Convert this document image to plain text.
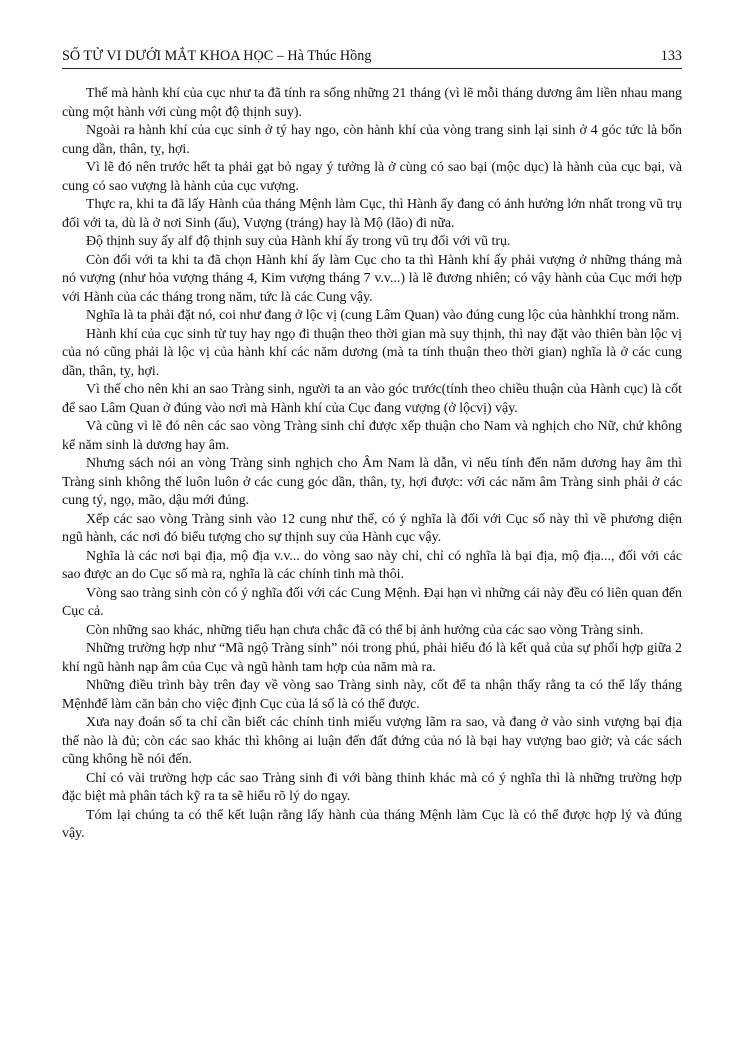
SỐ TỬ VI DƯỚI MẮT KHOA HỌC – Hà Thúc Hồng	133

Thế mà hành khí của cục như ta đã tính ra sống những 21 tháng (vì lẽ mỗi tháng dương âm liền nhau mang cùng một hành với cùng một độ thịnh suy).

Ngoài ra hành khí của cục sinh ở tý hay ngo, còn hành khí của vòng trang sinh lại sinh ở 4 góc tức là bốn cung dần, thân, tỵ, hợi.

Vì lẽ đó nên trước hết ta phải gạt bỏ ngay ý tưởng là ở cùng có sao bại (mộc dục) là hành của cục bại, và cung có sao vượng là hành của cục vượng.

Thực ra, khi ta đã lấy Hành của tháng Mệnh làm Cục, thì Hành ấy đang có ảnh hưởng lớn nhất trong vũ trụ đối với ta, dù là ở nơi Sinh (ấu), Vượng (tráng) hay là Mộ (lão) đi nữa.

Độ thịnh suy ấy alf độ thịnh suy của Hành khí ấy trong vũ trụ đối với vũ trụ.

Còn đối với ta khi ta đã chọn Hành khí ấy làm Cục cho ta thì Hành khí ấy phải vượng ở những tháng mà nó vượng (như hỏa vượng tháng 4, Kim vượng tháng 7 v.v...) là lẽ đương nhiên; có vậy hành của Cục mới hợp với Hành của các tháng trong năm, tức là các Cung vậy.

Nghĩa là ta phải đặt nó, coi như đang ở lộc vị (cung Lâm Quan) vào đúng cung lộc của hànhkhí trong năm.

Hành khí của cục sinh từ tuy hay ngọ đi thuận theo thời gian mà suy thịnh, thì nay đặt vào thiên bàn lộc vị của nó cũng phải là lộc vị của hành khí các năm dương (mà ta tính thuận theo thời gian) nghĩa là ở các cung dần, thân, tỵ, hợi.

Vì thế cho nên khi an sao Tràng sinh, người ta an vào góc trước(tính theo chiều thuận của Hành cục) là cốt để sao Lâm Quan ở đúng vào nơi mà Hành khí của Cục đang vượng (ở lộcvị) vậy.

Và cũng vì lẽ đó nên các sao vòng Tràng sinh chỉ được xếp thuận cho Nam và nghịch cho Nữ, chứ không kể năm sinh là dương hay âm.

Nhưng sách nói an vòng Tràng sinh nghịch cho Âm Nam là dẫn, vì nếu tính đến năm dương hay âm thì Tràng sinh không thể luôn luôn ở các cung góc dần, thân, tỵ, hợi được: với các năm âm Tràng sinh phải ở các cung tý, ngọ, mão, dậu mới đúng.

Xếp các sao vòng Tràng sinh vào 12 cung như thế, có ý nghĩa là đối với Cục số này thì về phương diện ngũ hành, các nơi đó biểu tượng cho sự thịnh suy của Hành cục vậy.

Nghĩa là các nơi bại địa, mộ địa v.v... do vòng sao này chỉ, chỉ có nghĩa là bại địa, mộ địa..., đối với các sao được an do Cục số mà ra, nghĩa là các chính tinh mà thôi.

Vòng sao tràng sinh còn có ý nghĩa đối với các Cung Mệnh. Đại hạn vì những cái này đều có liên quan đến Cục cả.

Còn những sao khác, những tiểu hạn chưa chắc đã có thể bị ảnh hưởng của các sao vòng Tràng sinh.

Những trường hợp như “Mã ngộ Tràng sinh” nói trong phú, phải hiểu đó là kết quả của sự phối hợp giữa 2 khí ngũ hành nạp âm của Cục và ngũ hành tam hợp của năm mà ra.

Những điều trình bày trên đay về vòng sao Tràng sinh này, cốt để ta nhận thấy rằng ta có thể lấy tháng Mệnhđể làm căn bản cho việc định Cục của lá số là có thể được.

Xưa nay đoán số ta chỉ cần biết các chính tinh miếu vượng lãm ra sao, và đang ở vào sinh vượng bại địa thế nào là đủ; còn các sao khác thì không ai luận đến đất đứng của nó là bại hay vượng bao giờ; và các sách cũng không hề nói đến.

Chỉ có vài trường hợp các sao Tràng sinh đi với bàng thinh khác mà có ý nghĩa thì là những trường hợp đặc biệt mà phân tách kỹ ra ta sẽ hiểu rõ lý do ngay.

Tóm lại chúng ta có thể kết luận rằng lấy hành của tháng Mệnh làm Cục là có thể được hợp lý và đúng vậy.
